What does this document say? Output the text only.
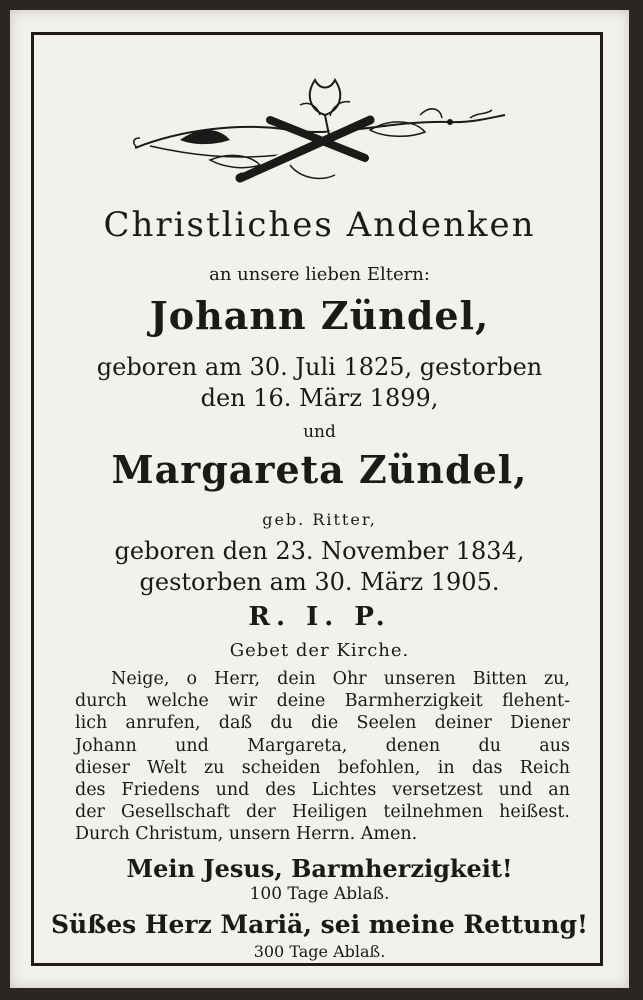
Christliches Andenken
an unsere lieben Eltern:
Johann Zündel,
geboren am 30. Juli 1825, gestorben
den 16. März 1899,
und
Margareta Zündel,
geb. Ritter,
geboren den 23. November 1834,
gestorben am 30. März 1905.
R. I. P.
Gebet der Kirche.
Neige, o Herr, dein Ohr unseren Bitten zu,
durch welche wir deine Barmherzigkeit flehent-
lich anrufen, daß du die Seelen deiner Diener
Johann und Margareta, denen du aus
dieser Welt zu scheiden befohlen, in das Reich
des Friedens und des Lichtes versetzest und an
der Gesellschaft der Heiligen teilnehmen heißest.
Durch Christum, unsern Herrn. Amen.
Mein Jesus, Barmherzigkeit!
100 Tage Ablaß.
Süßes Herz Mariä, sei meine Rettung!
300 Tage Ablaß.
